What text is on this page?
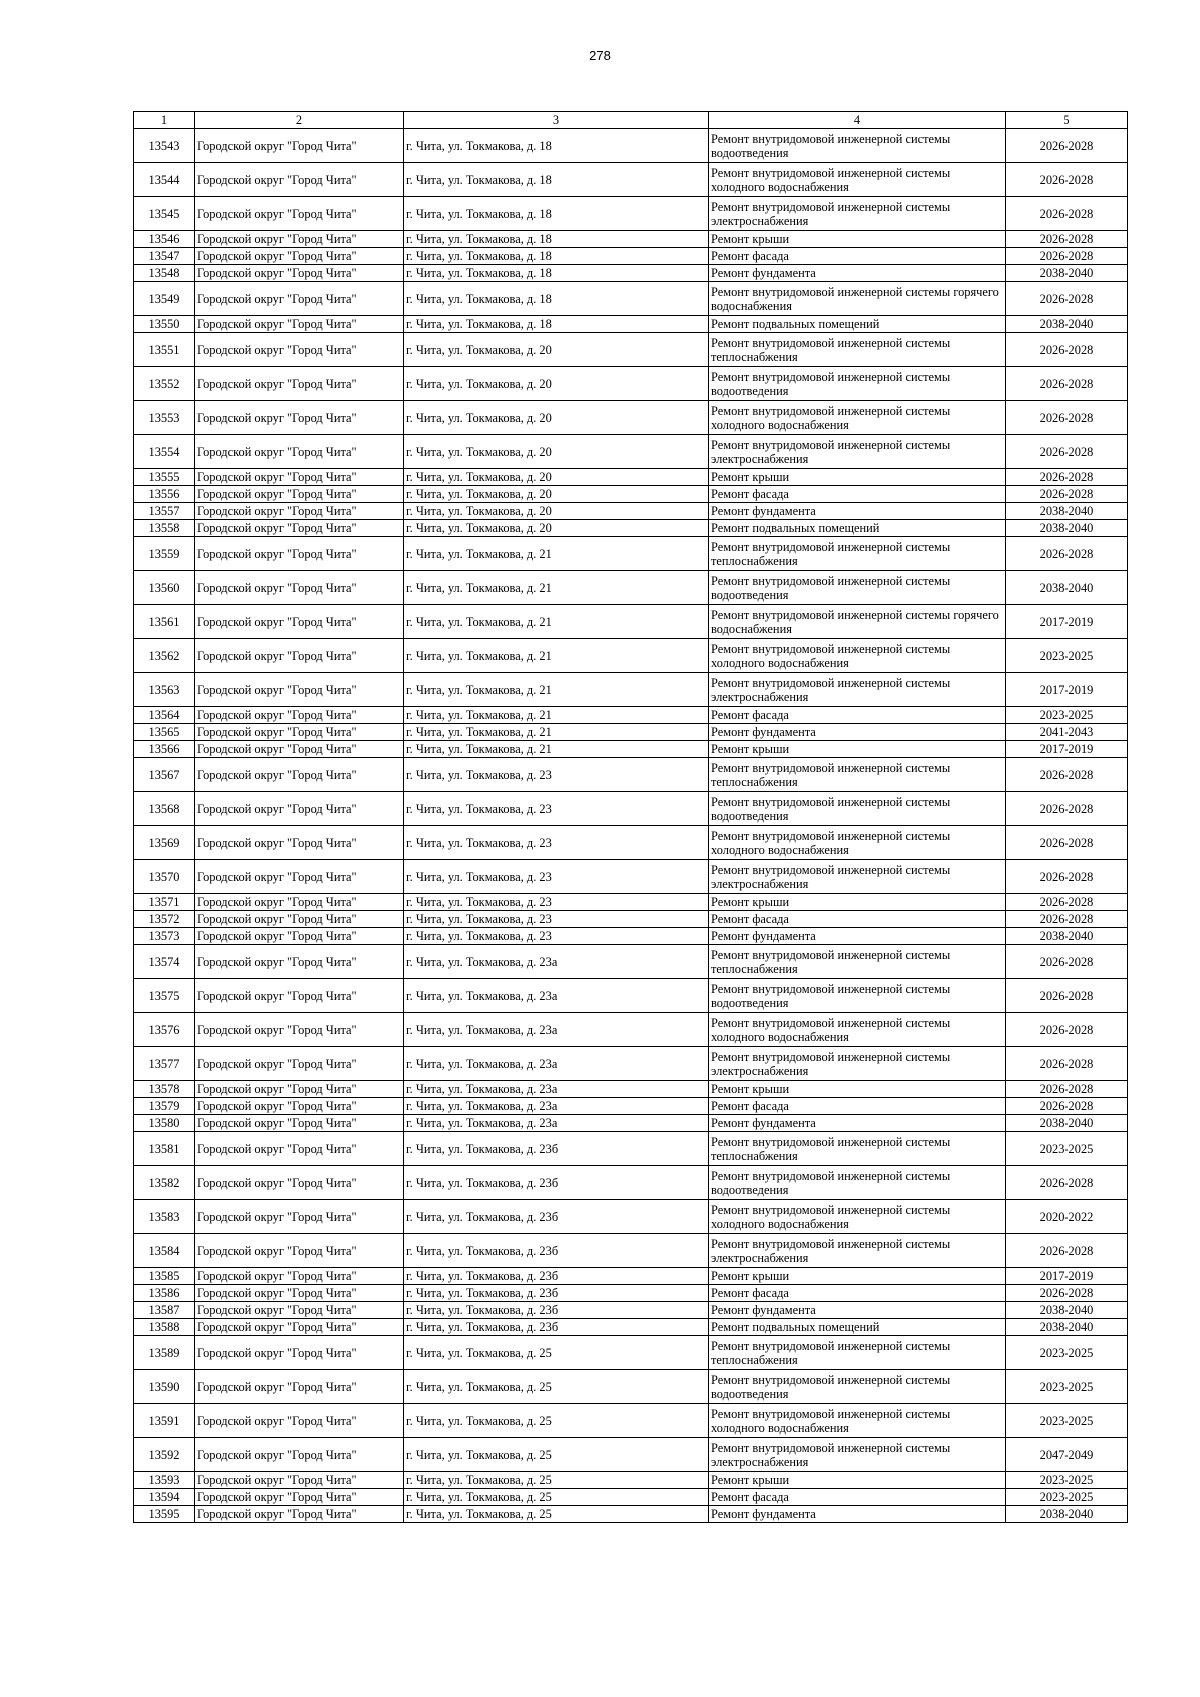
278
1	2	3	4	5
13543	Городской округ "Город Чита"	г. Чита, ул. Токмакова, д. 18	Ремонт внутридомовой инженерной системы водоотведения	2026-2028
13544	Городской округ "Город Чита"	г. Чита, ул. Токмакова, д. 18	Ремонт внутридомовой инженерной системы холодного водоснабжения	2026-2028
13545	Городской округ "Город Чита"	г. Чита, ул. Токмакова, д. 18	Ремонт внутридомовой инженерной системы электроснабжения	2026-2028
13546	Городской округ "Город Чита"	г. Чита, ул. Токмакова, д. 18	Ремонт крыши	2026-2028
13547	Городской округ "Город Чита"	г. Чита, ул. Токмакова, д. 18	Ремонт фасада	2026-2028
13548	Городской округ "Город Чита"	г. Чита, ул. Токмакова, д. 18	Ремонт фундамента	2038-2040
13549	Городской округ "Город Чита"	г. Чита, ул. Токмакова, д. 18	Ремонт внутридомовой инженерной системы горячего водоснабжения	2026-2028
13550	Городской округ "Город Чита"	г. Чита, ул. Токмакова, д. 18	Ремонт подвальных помещений	2038-2040
13551	Городской округ "Город Чита"	г. Чита, ул. Токмакова, д. 20	Ремонт внутридомовой инженерной системы теплоснабжения	2026-2028
13552	Городской округ "Город Чита"	г. Чита, ул. Токмакова, д. 20	Ремонт внутридомовой инженерной системы водоотведения	2026-2028
13553	Городской округ "Город Чита"	г. Чита, ул. Токмакова, д. 20	Ремонт внутридомовой инженерной системы холодного водоснабжения	2026-2028
13554	Городской округ "Город Чита"	г. Чита, ул. Токмакова, д. 20	Ремонт внутридомовой инженерной системы электроснабжения	2026-2028
13555	Городской округ "Город Чита"	г. Чита, ул. Токмакова, д. 20	Ремонт крыши	2026-2028
13556	Городской округ "Город Чита"	г. Чита, ул. Токмакова, д. 20	Ремонт фасада	2026-2028
13557	Городской округ "Город Чита"	г. Чита, ул. Токмакова, д. 20	Ремонт фундамента	2038-2040
13558	Городской округ "Город Чита"	г. Чита, ул. Токмакова, д. 20	Ремонт подвальных помещений	2038-2040
13559	Городской округ "Город Чита"	г. Чита, ул. Токмакова, д. 21	Ремонт внутридомовой инженерной системы теплоснабжения	2026-2028
13560	Городской округ "Город Чита"	г. Чита, ул. Токмакова, д. 21	Ремонт внутридомовой инженерной системы водоотведения	2038-2040
13561	Городской округ "Город Чита"	г. Чита, ул. Токмакова, д. 21	Ремонт внутридомовой инженерной системы горячего водоснабжения	2017-2019
13562	Городской округ "Город Чита"	г. Чита, ул. Токмакова, д. 21	Ремонт внутридомовой инженерной системы холодного водоснабжения	2023-2025
13563	Городской округ "Город Чита"	г. Чита, ул. Токмакова, д. 21	Ремонт внутридомовой инженерной системы электроснабжения	2017-2019
13564	Городской округ "Город Чита"	г. Чита, ул. Токмакова, д. 21	Ремонт фасада	2023-2025
13565	Городской округ "Город Чита"	г. Чита, ул. Токмакова, д. 21	Ремонт фундамента	2041-2043
13566	Городской округ "Город Чита"	г. Чита, ул. Токмакова, д. 21	Ремонт крыши	2017-2019
13567	Городской округ "Город Чита"	г. Чита, ул. Токмакова, д. 23	Ремонт внутридомовой инженерной системы теплоснабжения	2026-2028
13568	Городской округ "Город Чита"	г. Чита, ул. Токмакова, д. 23	Ремонт внутридомовой инженерной системы водоотведения	2026-2028
13569	Городской округ "Город Чита"	г. Чита, ул. Токмакова, д. 23	Ремонт внутридомовой инженерной системы холодного водоснабжения	2026-2028
13570	Городской округ "Город Чита"	г. Чита, ул. Токмакова, д. 23	Ремонт внутридомовой инженерной системы электроснабжения	2026-2028
13571	Городской округ "Город Чита"	г. Чита, ул. Токмакова, д. 23	Ремонт крыши	2026-2028
13572	Городской округ "Город Чита"	г. Чита, ул. Токмакова, д. 23	Ремонт фасада	2026-2028
13573	Городской округ "Город Чита"	г. Чита, ул. Токмакова, д. 23	Ремонт фундамента	2038-2040
13574	Городской округ "Город Чита"	г. Чита, ул. Токмакова, д. 23а	Ремонт внутридомовой инженерной системы теплоснабжения	2026-2028
13575	Городской округ "Город Чита"	г. Чита, ул. Токмакова, д. 23а	Ремонт внутридомовой инженерной системы водоотведения	2026-2028
13576	Городской округ "Город Чита"	г. Чита, ул. Токмакова, д. 23а	Ремонт внутридомовой инженерной системы холодного водоснабжения	2026-2028
13577	Городской округ "Город Чита"	г. Чита, ул. Токмакова, д. 23а	Ремонт внутридомовой инженерной системы электроснабжения	2026-2028
13578	Городской округ "Город Чита"	г. Чита, ул. Токмакова, д. 23а	Ремонт крыши	2026-2028
13579	Городской округ "Город Чита"	г. Чита, ул. Токмакова, д. 23а	Ремонт фасада	2026-2028
13580	Городской округ "Город Чита"	г. Чита, ул. Токмакова, д. 23а	Ремонт фундамента	2038-2040
13581	Городской округ "Город Чита"	г. Чита, ул. Токмакова, д. 23б	Ремонт внутридомовой инженерной системы теплоснабжения	2023-2025
13582	Городской округ "Город Чита"	г. Чита, ул. Токмакова, д. 23б	Ремонт внутридомовой инженерной системы водоотведения	2026-2028
13583	Городской округ "Город Чита"	г. Чита, ул. Токмакова, д. 23б	Ремонт внутридомовой инженерной системы холодного водоснабжения	2020-2022
13584	Городской округ "Город Чита"	г. Чита, ул. Токмакова, д. 23б	Ремонт внутридомовой инженерной системы электроснабжения	2026-2028
13585	Городской округ "Город Чита"	г. Чита, ул. Токмакова, д. 23б	Ремонт крыши	2017-2019
13586	Городской округ "Город Чита"	г. Чита, ул. Токмакова, д. 23б	Ремонт фасада	2026-2028
13587	Городской округ "Город Чита"	г. Чита, ул. Токмакова, д. 23б	Ремонт фундамента	2038-2040
13588	Городской округ "Город Чита"	г. Чита, ул. Токмакова, д. 23б	Ремонт подвальных помещений	2038-2040
13589	Городской округ "Город Чита"	г. Чита, ул. Токмакова, д. 25	Ремонт внутридомовой инженерной системы теплоснабжения	2023-2025
13590	Городской округ "Город Чита"	г. Чита, ул. Токмакова, д. 25	Ремонт внутридомовой инженерной системы водоотведения	2023-2025
13591	Городской округ "Город Чита"	г. Чита, ул. Токмакова, д. 25	Ремонт внутридомовой инженерной системы холодного водоснабжения	2023-2025
13592	Городской округ "Город Чита"	г. Чита, ул. Токмакова, д. 25	Ремонт внутридомовой инженерной системы электроснабжения	2047-2049
13593	Городской округ "Город Чита"	г. Чита, ул. Токмакова, д. 25	Ремонт крыши	2023-2025
13594	Городской округ "Город Чита"	г. Чита, ул. Токмакова, д. 25	Ремонт фасада	2023-2025
13595	Городской округ "Город Чита"	г. Чита, ул. Токмакова, д. 25	Ремонт фундамента	2038-2040
